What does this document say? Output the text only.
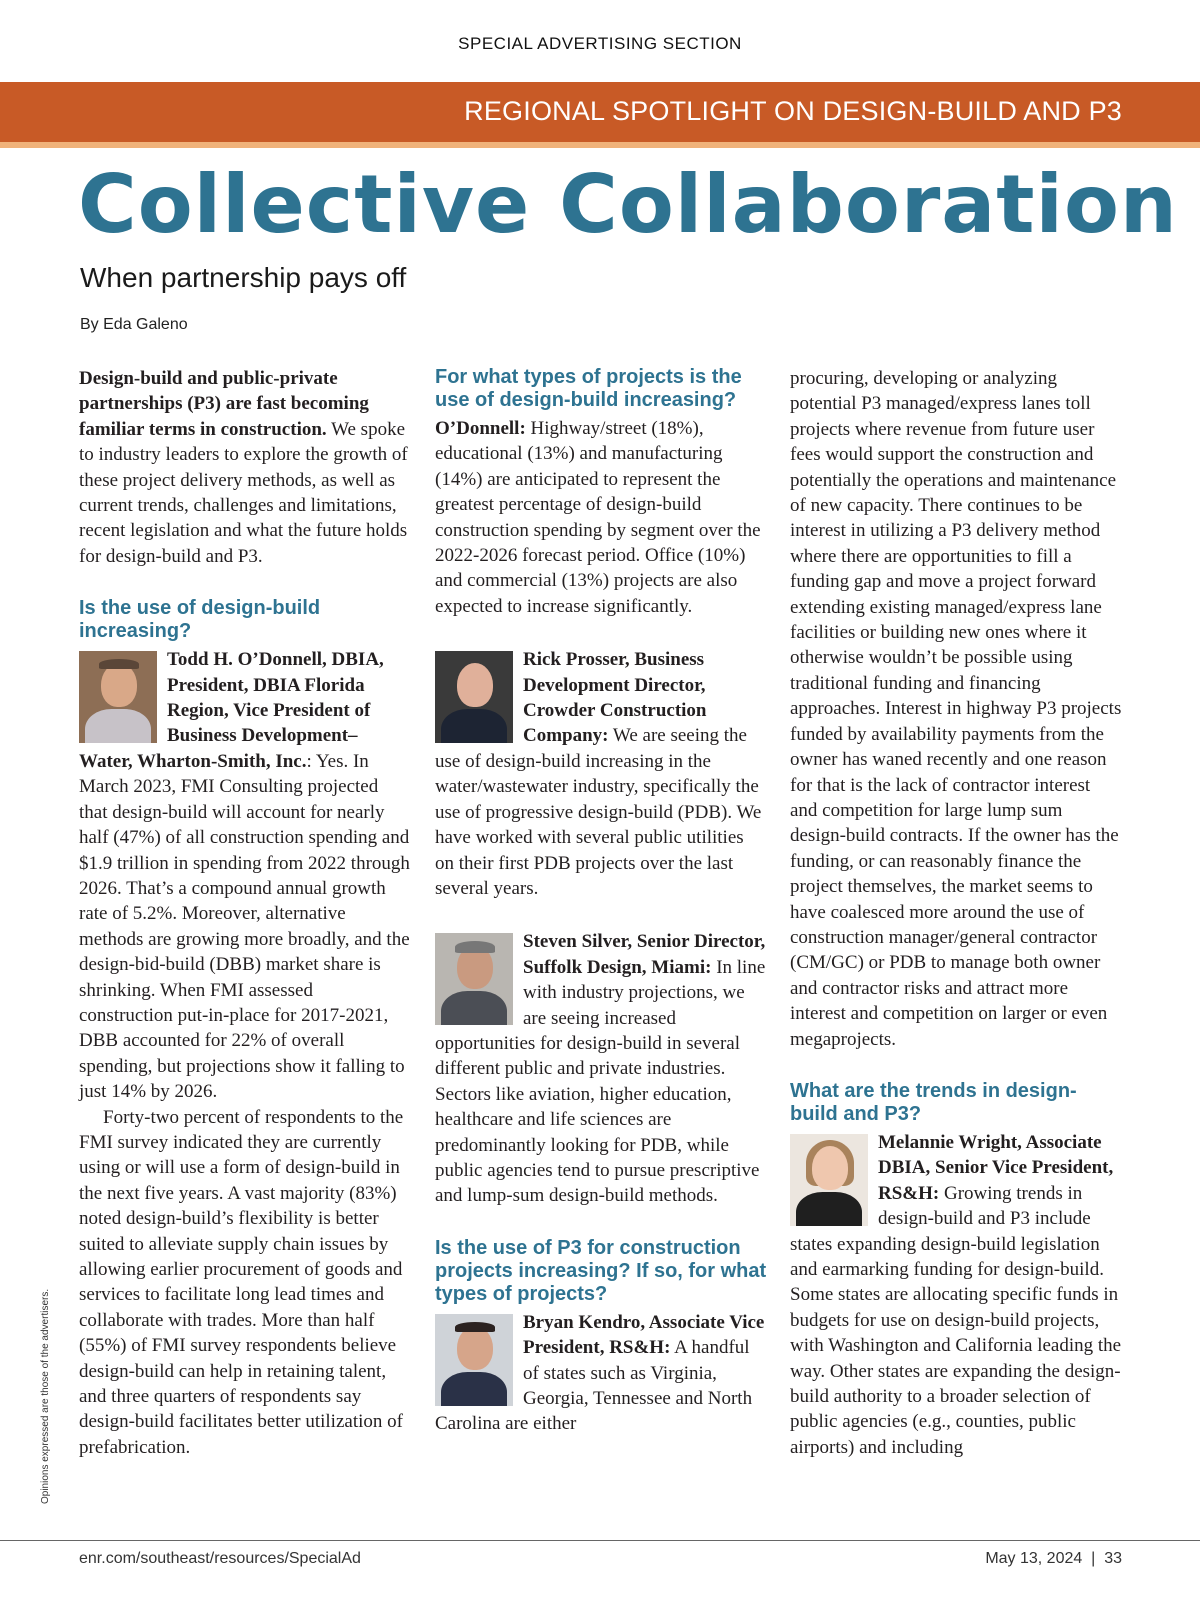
SPECIAL ADVERTISING SECTION
REGIONAL SPOTLIGHT ON DESIGN-BUILD AND P3
Collective Collaboration
When partnership pays off
By Eda Galeno

Design-build and public-private partnerships (P3) are fast becoming familiar terms in construction. We spoke to industry leaders to explore the growth of these project delivery methods, as well as current trends, challenges and limitations, recent legislation and what the future holds for design-build and P3.

Is the use of design-build increasing?

Todd H. O’Donnell, DBIA, President, DBIA Florida Region, Vice President of Business Development–Water, Wharton-Smith, Inc.: Yes. In March 2023, FMI Consulting projected that design-build will account for nearly half (47%) of all construction spending and $1.9 trillion in spending from 2022 through 2026. That’s a compound annual growth rate of 5.2%. Moreover, alternative methods are growing more broadly, and the design-bid-build (DBB) market share is shrinking. When FMI assessed construction put-in-place for 2017-2021, DBB accounted for 22% of overall spending, but projections show it falling to just 14% by 2026.

Forty-two percent of respondents to the FMI survey indicated they are currently using or will use a form of design-build in the next five years. A vast majority (83%) noted design-build’s flexibility is better suited to alleviate supply chain issues by allowing earlier procurement of goods and services to facilitate long lead times and collaborate with trades. More than half (55%) of FMI survey respondents believe design-build can help in retaining talent, and three quarters of respondents say design-build facilitates better utilization of prefabrication.

For what types of projects is the use of design-build increasing?

O’Donnell: Highway/street (18%), educational (13%) and manufacturing (14%) are anticipated to represent the greatest percentage of design-build construction spending by segment over the 2022-2026 forecast period. Office (10%) and commercial (13%) projects are also expected to increase significantly.

Rick Prosser, Business Development Director, Crowder Construction Company: We are seeing the use of design-build increasing in the water/wastewater industry, specifically the use of progressive design-build (PDB). We have worked with several public utilities on their first PDB projects over the last several years.

Steven Silver, Senior Director, Suffolk Design, Miami: In line with industry projections, we are seeing increased opportunities for design-build in several different public and private industries. Sectors like aviation, higher education, healthcare and life sciences are predominantly looking for PDB, while public agencies tend to pursue prescriptive and lump-sum design-build methods.

Is the use of P3 for construction projects increasing? If so, for what types of projects?

Bryan Kendro, Associate Vice President, RS&H: A handful of states such as Virginia, Georgia, Tennessee and North Carolina are either

procuring, developing or analyzing potential P3 managed/express lanes toll projects where revenue from future user fees would support the construction and potentially the operations and maintenance of new capacity. There continues to be interest in utilizing a P3 delivery method where there are opportunities to fill a funding gap and move a project forward extending existing managed/express lane facilities or building new ones where it otherwise wouldn’t be possible using traditional funding and financing approaches. Interest in highway P3 projects funded by availability payments from the owner has waned recently and one reason for that is the lack of contractor interest and competition for large lump sum design-build contracts. If the owner has the funding, or can reasonably finance the project themselves, the market seems to have coalesced more around the use of construction manager/general contractor (CM/GC) or PDB to manage both owner and contractor risks and attract more interest and competition on larger or even megaprojects.

What are the trends in design-build and P3?

Melannie Wright, Associate DBIA, Senior Vice President, RS&H: Growing trends in design-build and P3 include states expanding design-build legislation and earmarking funding for design-build. Some states are allocating specific funds in budgets for use on design-build projects, with Washington and California leading the way. Other states are expanding the design-build authority to a broader selection of public agencies (e.g., counties, public airports) and including

Opinions expressed are those of the advertisers.
enr.com/southeast/resources/SpecialAd	May 13, 2024  |  33
